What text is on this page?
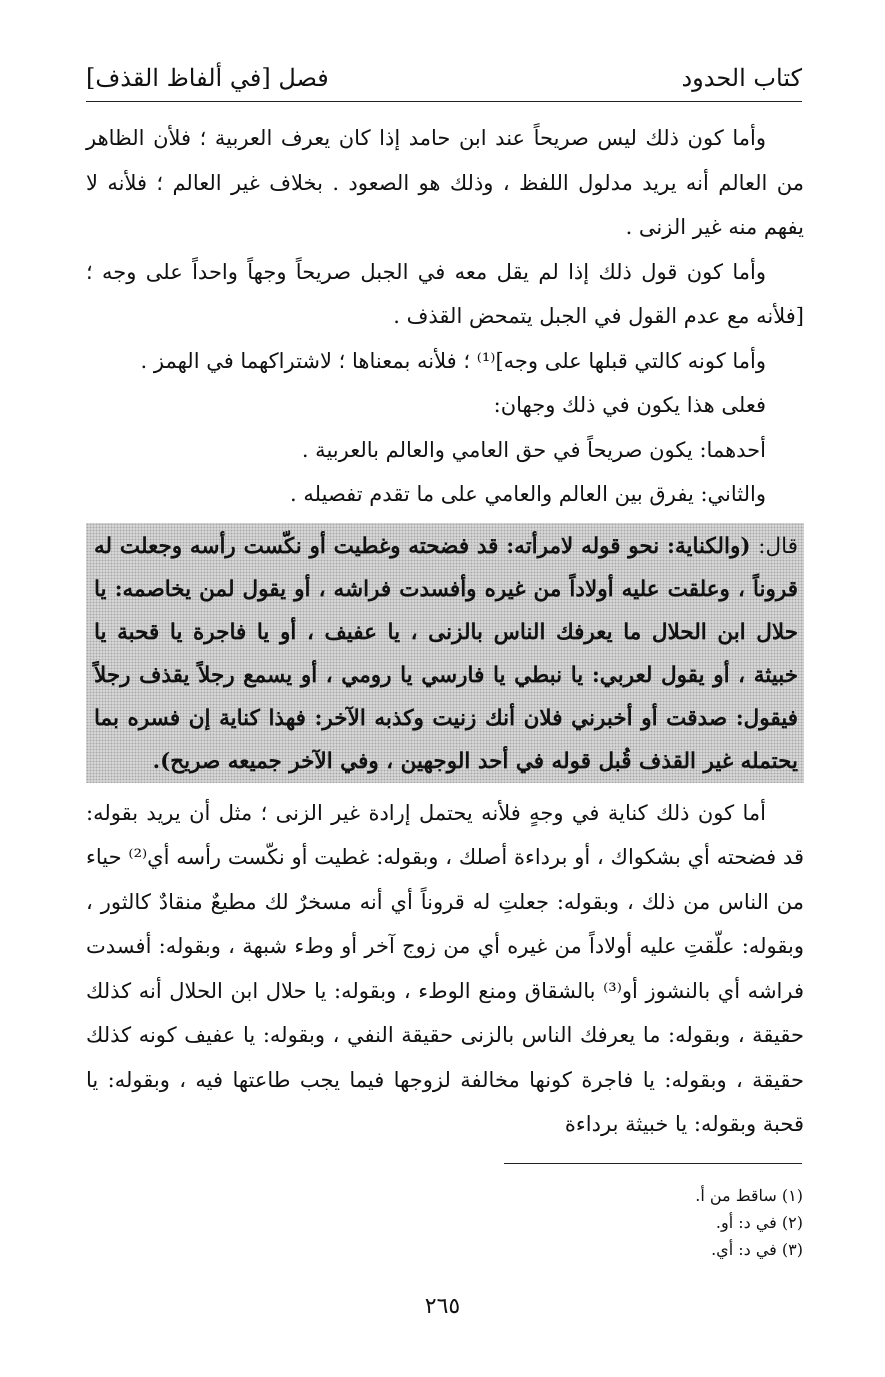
كتاب الحدود
فصل [في ألفاظ القذف]

وأما كون ذلك ليس صريحاً عند ابن حامد إذا كان يعرف العربية ؛ فلأن الظاهر من العالم أنه يريد مدلول اللفظ ، وذلك هو الصعود . بخلاف غير العالم ؛ فلأنه لا يفهم منه غير الزنى .

وأما كون قول ذلك إذا لم يقل معه في الجبل صريحاً وجهاً واحداً على وجه ؛ [فلأنه مع عدم القول في الجبل يتمحض القذف .

وأما كونه كالتي قبلها على وجه]⁽¹⁾ ؛ فلأنه بمعناها ؛ لاشتراكهما في الهمز .

فعلى هذا يكون في ذلك وجهان:

أحدهما: يكون صريحاً في حق العامي والعالم بالعربية .

والثاني: يفرق بين العالم والعامي على ما تقدم تفصيله .

قال: (والكناية: نحو قوله لامرأته: قد فضحته وغطيت أو نكّست رأسه وجعلت له قروناً ، وعلقت عليه أولاداً من غيره وأفسدت فراشه ، أو يقول لمن يخاصمه: يا حلال ابن الحلال ما يعرفك الناس بالزنى ، يا عفيف ، أو يا فاجرة يا قحبة يا خبيثة ، أو يقول لعربي: يا نبطي يا فارسي يا رومي ، أو يسمع رجلاً يقذف رجلاً فيقول: صدقت أو أخبرني فلان أنك زنيت وكذبه الآخر: فهذا كناية إن فسره بما يحتمله غير القذف قُبل قوله في أحد الوجهين ، وفي الآخر جميعه صريح).

أما كون ذلك كناية في وجهٍ فلأنه يحتمل إرادة غير الزنى ؛ مثل أن يريد بقوله: قد فضحته أي بشكواك ، أو برداءة أصلك ، وبقوله: غطيت أو نكّست رأسه أي⁽²⁾ حياء من الناس من ذلك ، وبقوله: جعلتِ له قروناً أي أنه مسخرٌ لك مطيعٌ منقادٌ كالثور ، وبقوله: علّقتِ عليه أولاداً من غيره أي من زوج آخر أو وطء شبهة ، وبقوله: أفسدت فراشه أي بالنشوز أو⁽³⁾ بالشقاق ومنع الوطء ، وبقوله: يا حلال ابن الحلال أنه كذلك حقيقة ، وبقوله: ما يعرفك الناس بالزنى حقيقة النفي ، وبقوله: يا عفيف كونه كذلك حقيقة ، وبقوله: يا فاجرة كونها مخالفة لزوجها فيما يجب طاعتها فيه ، وبقوله: يا قحبة وبقوله: يا خبيثة برداءة

(١) ساقط من أ.
(٢) في د: أو.
(٣) في د: أي.
٢٦٥
